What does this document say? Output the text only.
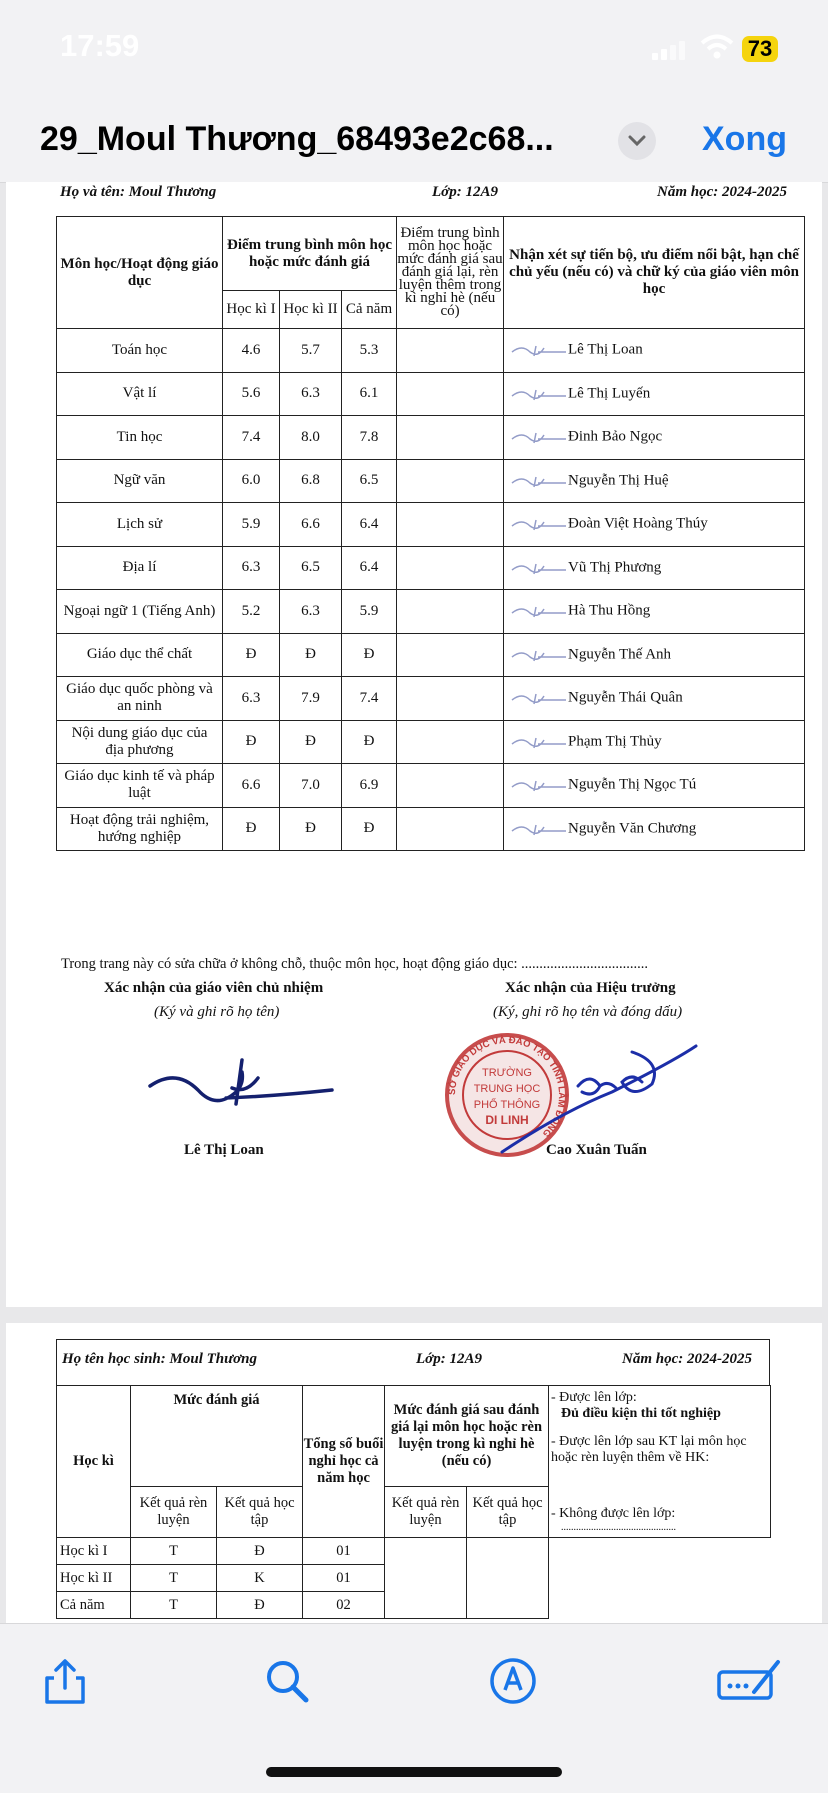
17:59	73
29_Moul Thương_68493e2c68...	Xong
Họ và tên: Moul Thương	Lớp: 12A9	Năm học: 2024-2025
Môn học/Hoạt động giáo dục	Điểm trung bình môn học hoặc mức đánh giá			Điểm trung bình môn học hoặc mức đánh giá sau đánh giá lại, rèn luyện thêm trong kì nghỉ hè (nếu có)	Nhận xét sự tiến bộ, ưu điểm nổi bật, hạn chế chủ yếu (nếu có) và chữ ký của giáo viên môn học
	Học kì I	Học kì II	Cả năm		
Toán học	4.6	5.7	5.3		Lê Thị Loan
Vật lí	5.6	6.3	6.1		Lê Thị Luyến
Tin học	7.4	8.0	7.8		Đinh Bảo Ngọc
Ngữ văn	6.0	6.8	6.5		Nguyễn Thị Huệ
Lịch sử	5.9	6.6	6.4		Đoàn Việt Hoàng Thúy
Địa lí	6.3	6.5	6.4		Vũ Thị Phương
Ngoại ngữ 1 (Tiếng Anh)	5.2	6.3	5.9		Hà Thu Hồng
Giáo dục thể chất	Đ	Đ	Đ		Nguyễn Thế Anh
Giáo dục quốc phòng và an ninh	6.3	7.9	7.4		Nguyễn Thái Quân
Nội dung giáo dục của địa phương	Đ	Đ	Đ		Phạm Thị Thủy
Giáo dục kinh tế và pháp luật	6.6	7.0	6.9		Nguyễn Thị Ngọc Tú
Hoạt động trải nghiệm, hướng nghiệp	Đ	Đ	Đ		Nguyễn Văn Chương
Trong trang này có sửa chữa ở không chỗ, thuộc môn học, hoạt động giáo dục: ...................................
Xác nhận của giáo viên chủ nhiệm
(Ký và ghi rõ họ tên)
Xác nhận của Hiệu trưởng
(Ký, ghi rõ họ tên và đóng dấu)
Lê Thị Loan
SỞ GIÁO DỤC VÀ ĐÀO TẠO TỈNH LÂM ĐỒNG
TRƯỜNG
TRUNG HỌC
PHỔ THÔNG
DI LINH
Cao Xuân Tuấn
Họ tên học sinh: Moul Thương	Lớp: 12A9	Năm học: 2024-2025
Học kì	Mức đánh giá		Tổng số buổi nghỉ học cả năm học	Mức đánh giá sau đánh giá lại môn học hoặc rèn luyện trong kì nghỉ hè (nếu có)		- Được lên lớp:
Đủ điều kiện thi tốt nghiệp
- Được lên lớp sau KT lại môn học hoặc rèn luyện thêm về HK:
- Không được lên lớp:
..............................................

	Kết quả rèn luyện	Kết quả học tập		Kết quả rèn luyện	Kết quả học tập	
Học kì I	T	Đ	01			
Học kì II	T	K	01			
Cả năm	T	Đ	02			
